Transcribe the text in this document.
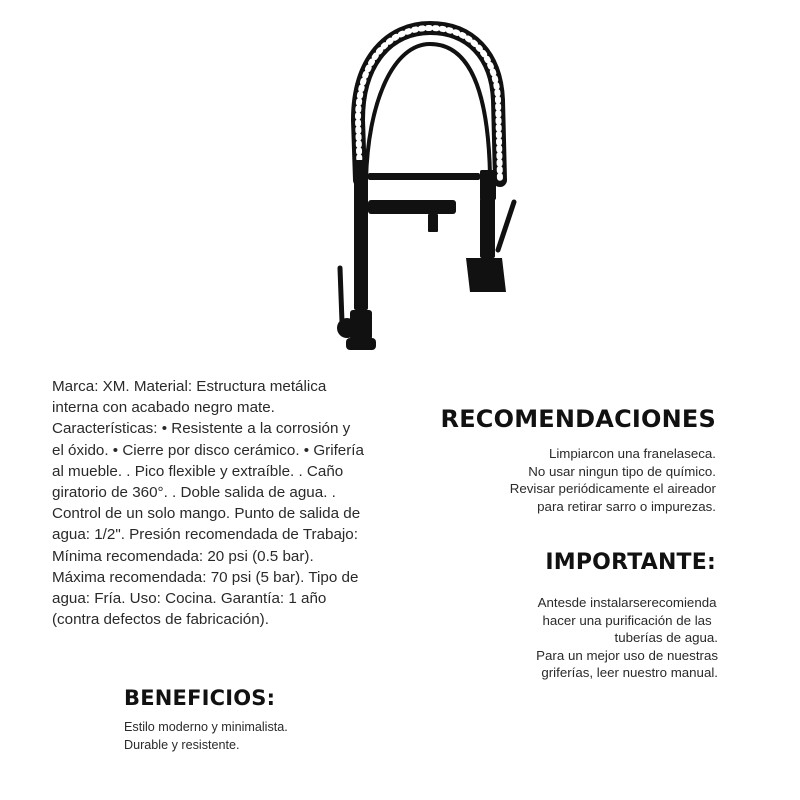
Marca: XM. Material: Estructura metálica interna con acabado negro mate. Características: • Resistente a la corrosión y el óxido. • Cierre por disco cerámico. • Grifería al mueble. . Pico flexible y extraíble. . Caño giratorio de 360°. . Doble salida de agua. . Control de un solo mango. Punto de salida de agua: 1/2". Presión recomendada de Trabajo: Mínima recomendada: 20 psi (0.5 bar). Máxima recomendada: 70 psi (5 bar). Tipo de agua: Fría. Uso: Cocina. Garantía: 1 año (contra defectos de fabricación).

RECOMENDACIONES
Limpiarcon una franelaseca.
No usar ningun tipo de químico.
Revisar periódicamente el aireador
para retirar sarro o impurezas.
IMPORTANTE:
Antesde instalarserecomienda
hacer una purificación de las
tuberías de agua.
Para un mejor uso de nuestras
griferías, leer nuestro manual.
BENEFICIOS:
Estilo moderno y minimalista.
Durable y resistente.
